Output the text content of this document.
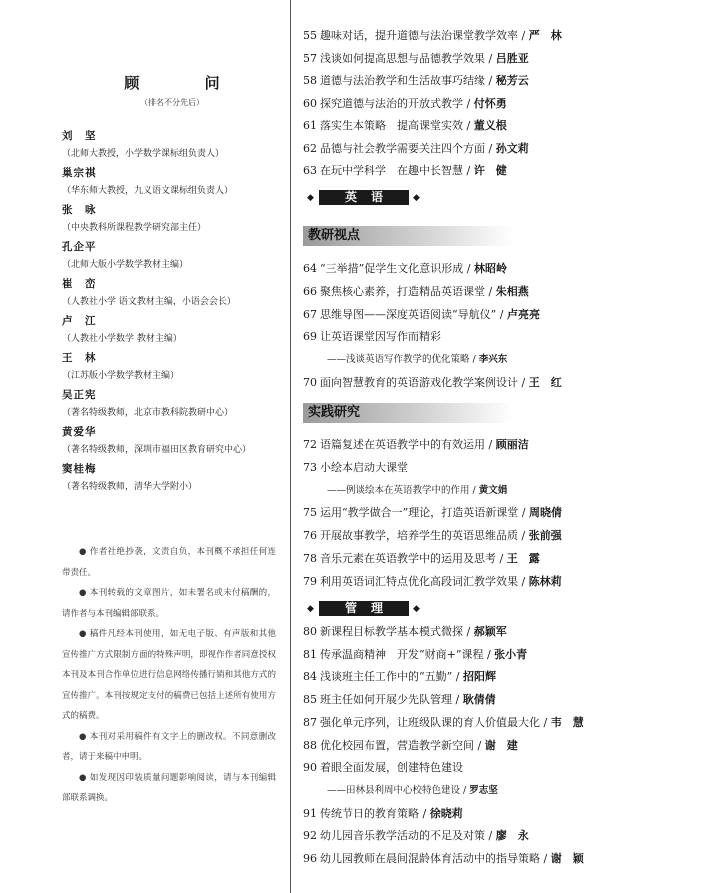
顾 问
（排名不分先后）
刘　坚
（北师大教授，小学数学课标组负责人）
巢宗祺
（华东师大教授，九义语文课标组负责人）
张　咏
（中央教科所课程教学研究部主任）
孔企平
（北师大版小学数学教材主编）
崔　峦
（人教社小学 语文教材主编，小语会会长）
卢　江
（人教社小学数学 教材主编）
王　林
（江苏版小学数学教材主编）
吴正宪
（著名特级教师，北京市教科院教研中心）
黄爱华
（著名特级教师，深圳市福田区教育研究中心）
窦桂梅
（著名特级教师，清华大学附小）

● 作者社绝抄袭，文责自负，本刊概不承担任何连带责任。

● 本刊转载的文章图片，如未署名或未付稿酬的，请作者与本刊编辑部联系。

● 稿件凡经本刊使用，如无电子版、有声版和其他宣传推广方式限制方面的特殊声明，即视作作者同意授权本刊及本刊合作单位进行信息网络传播行销和其他方式的宣传推广。本刊按规定支付的稿费已包括上述所有使用方式的稿费。

● 本刊对采用稿件有文字上的删改权。不同意删改者，请于来稿中申明。

● 如发现因印装质量问题影响阅读，请与本刊编辑部联系调换。

◆	英语	◆
教研视点
实践研究
◆	管理	◆
55 趣味对话，提升道德与法治课堂教学效率 / 严　林
57 浅谈如何提高思想与品德教学效果 / 吕胜亚
58 道德与法治教学和生活故事巧结缘 / 秘芳云
60 探究道德与法治的开放式教学 / 付怀勇
61 落实生本策略　提高课堂实效 / 董义根
62 品德与社会教学需要关注四个方面 / 孙文莉
63 在玩中学科学　在趣中长智慧 / 许　健
64 “三举措”促学生文化意识形成 / 林昭岭
66 聚焦核心素养，打造精品英语课堂 / 朱相燕
67 思维导图——深度英语阅读“导航仪” / 卢亮亮
69 让英语课堂因写作而精彩
——浅谈英语写作教学的优化策略 / 李兴东
70 面向智慧教育的英语游戏化教学案例设计 / 王　红
72 语篇复述在英语教学中的有效运用 / 顾丽洁
73 小绘本启动大课堂
——例谈绘本在英语教学中的作用 / 黄文娟
75 运用“教学做合一”理论，打造英语新课堂 / 周晓倩
76 开展故事教学，培养学生的英语思维品质 / 张前强
78 音乐元素在英语教学中的运用及思考 / 王　露
79 利用英语词汇特点优化高段词汇教学效果 / 陈林莉
80 新课程目标教学基本模式微探 / 郝颖军
81 传承温商精神　开发“财商+”课程 / 张小青
84 浅谈班主任工作中的“五勤” / 招阳辉
85 班主任如何开展少先队管理 / 耿倩倩
87 强化单元序列，让班级队课的育人价值最大化 / 韦　慧
88 优化校园布置，营造教学新空间 / 谢　建
90 着眼全面发展，创建特色建设
——田林县利周中心校特色建设 / 罗志坚
91 传统节日的教育策略 / 徐晓莉
92 幼儿园音乐教学活动的不足及对策 / 廖　永
96 幼儿园教师在晨间混龄体育活动中的指导策略 / 谢　颖
